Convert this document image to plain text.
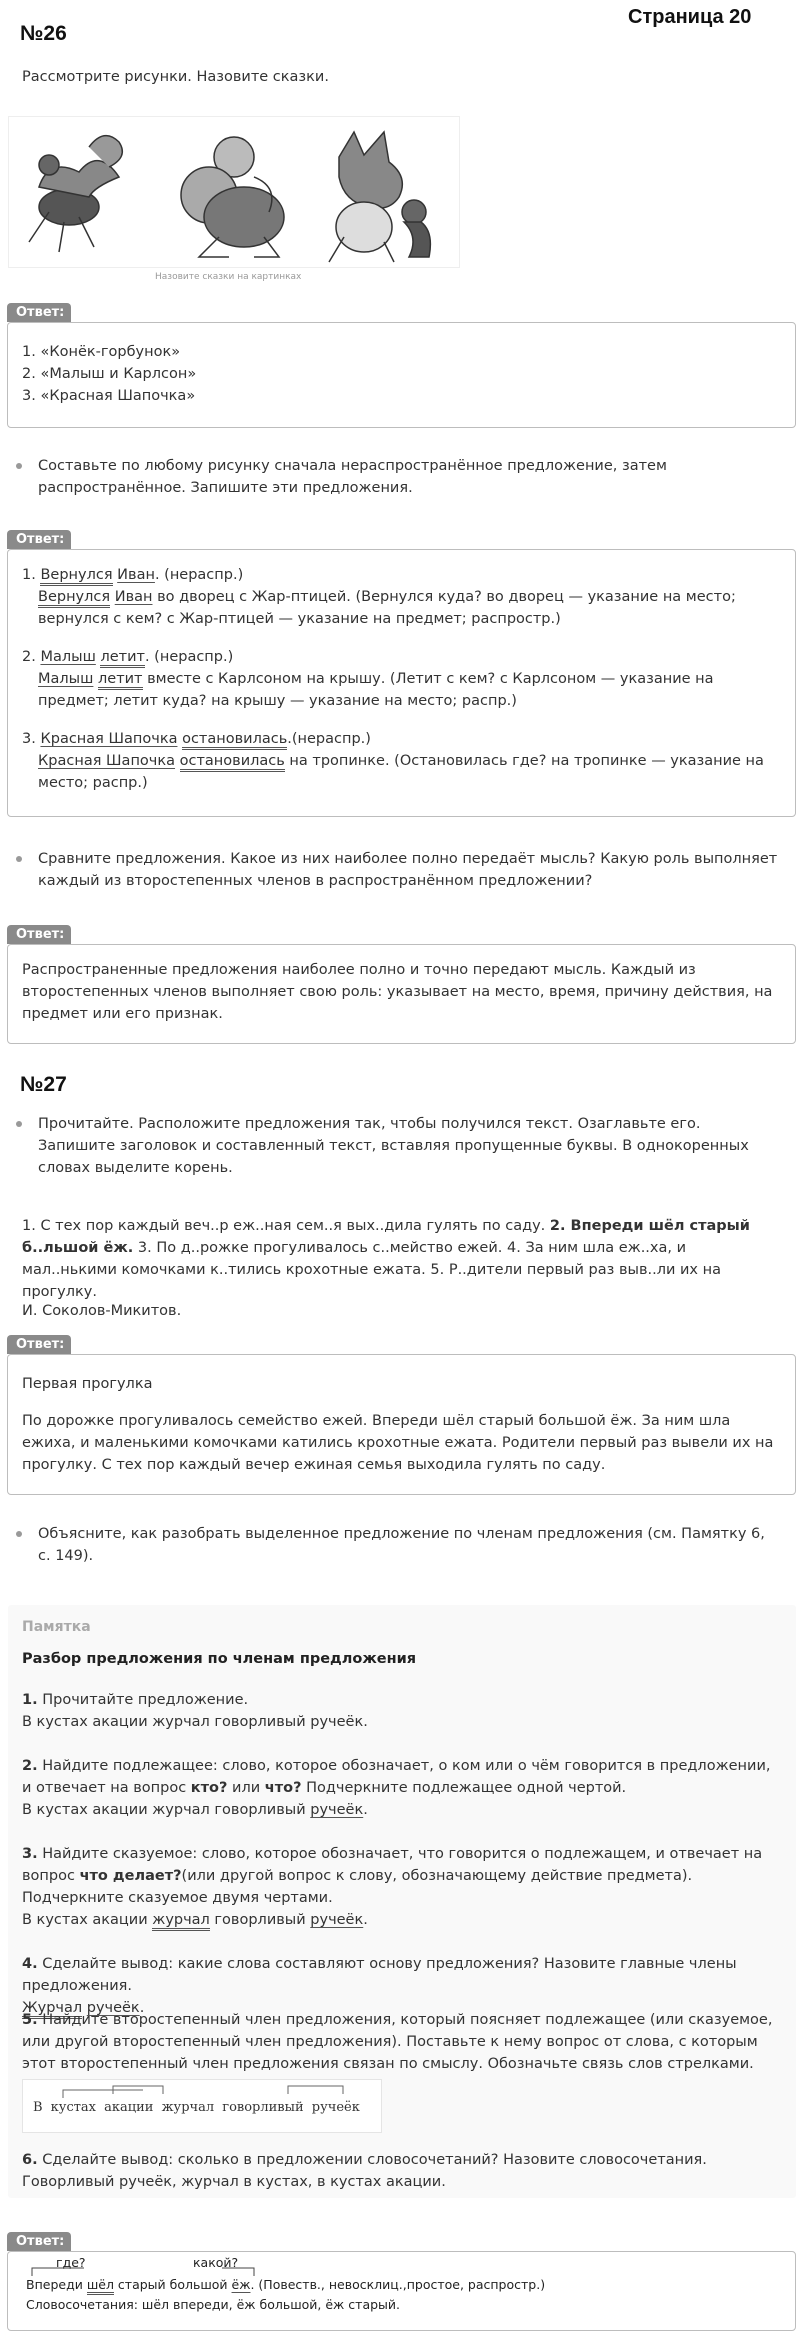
Страница 20
№26
Рассмотрите рисунки. Назовите сказки.
Назовите сказки на картинках
Ответ:
1. «Конёк-горбунок»
2. «Малыш и Карлсон»
3. «Красная Шапочка»
Составьте по любому рисунку сначала нераспространённое предложение, затем распространённое. Запишите эти предложения.
Ответ:
1. Вернулся Иван. (нераспр.)
Вернулся Иван во дворец с Жар-птицей. (Вернулся куда? во дворец — указание на место; вернулся с кем? с Жар-птицей — указание на предмет; распростр.)
2. Малыш летит. (нераспр.)
Малыш летит вместе с Карлсоном на крышу. (Летит с кем? с Карлсоном — указание на предмет; летит куда? на крышу — указание на место; распр.)
3. Красная Шапочка остановилась.(нераспр.)
Красная Шапочка остановилась на тропинке. (Остановилась где? на тропинке — указание на место; распр.)
Сравните предложения. Какое из них наиболее полно передаёт мысль? Какую роль выполняет каждый из второстепенных членов в распространённом предложении?
Ответ:
Распространенные предложения наиболее полно и точно передают мысль. Каждый из второстепенных членов выполняет свою роль: указывает на место, время, причину действия, на предмет или его признак.
№27
Прочитайте. Расположите предложения так, чтобы получился текст. Озаглавьте его. Запишите заголовок и составленный текст, вставляя пропущенные буквы. В однокоренных словах выделите корень.
1. С тех пор каждый веч..р еж..ная сем..я вых..дила гулять по саду. 2. Впереди шёл старый б..льшой ёж. 3. По д..рожке прогуливалось с..мейство ежей. 4. За ним шла еж..ха, и мал..нькими комочками к..тились крохотные ежата. 5. Р..дители первый раз выв..ли их на прогулку.
И. Соколов-Микитов.
Ответ:
Первая прогулка
По дорожке прогуливалось семейство ежей. Впереди шёл старый большой ёж. За ним шла ежиха, и маленькими комочками катились крохотные ежата. Родители первый раз вывели их на прогулку. С тех пор каждый вечер ежиная семья выходила гулять по саду.
Объясните, как разобрать выделенное предложение по членам предложения (см. Памятку 6, с. 149).
Памятка
Разбор предложения по членам предложения
1. Прочитайте предложение.
В кустах акации журчал говорливый ручеёк.
2. Найдите подлежащее: слово, которое обозначает, о ком или о чём говорится в предложении, и отвечает на вопрос кто? или что? Подчеркните подлежащее одной чертой.
В кустах акации журчал говорливый ручеёк.
3. Найдите сказуемое: слово, которое обозначает, что говорится о подлежащем, и отвечает на вопрос что делает?(или другой вопрос к слову, обозначающему действие предмета). Подчеркните сказуемое двумя чертами.
В кустах акации журчал говорливый ручеёк.
4. Сделайте вывод: какие слова составляют основу предложения? Назовите главные члены предложения.
Журчал ручеёк.
5. Найдите второстепенный член предложения, который поясняет подлежащее (или сказуемое, или другой второстепенный член предложения). Поставьте к нему вопрос от слова, с которым этот второстепенный член предложения связан по смыслу. Обозначьте связь слов стрелками.
В кустах акации журчал говорливый ручеёк
6. Сделайте вывод: сколько в предложении словосочетаний? Назовите словосочетания.
Говорливый ручеёк, журчал в кустах, в кустах акации.
Ответ:
где?	какой?
Впереди шёл старый большой ёж. (Повеств., невосклиц.,простое, распростр.)
Словосочетания: шёл впереди, ёж большой, ёж старый.
